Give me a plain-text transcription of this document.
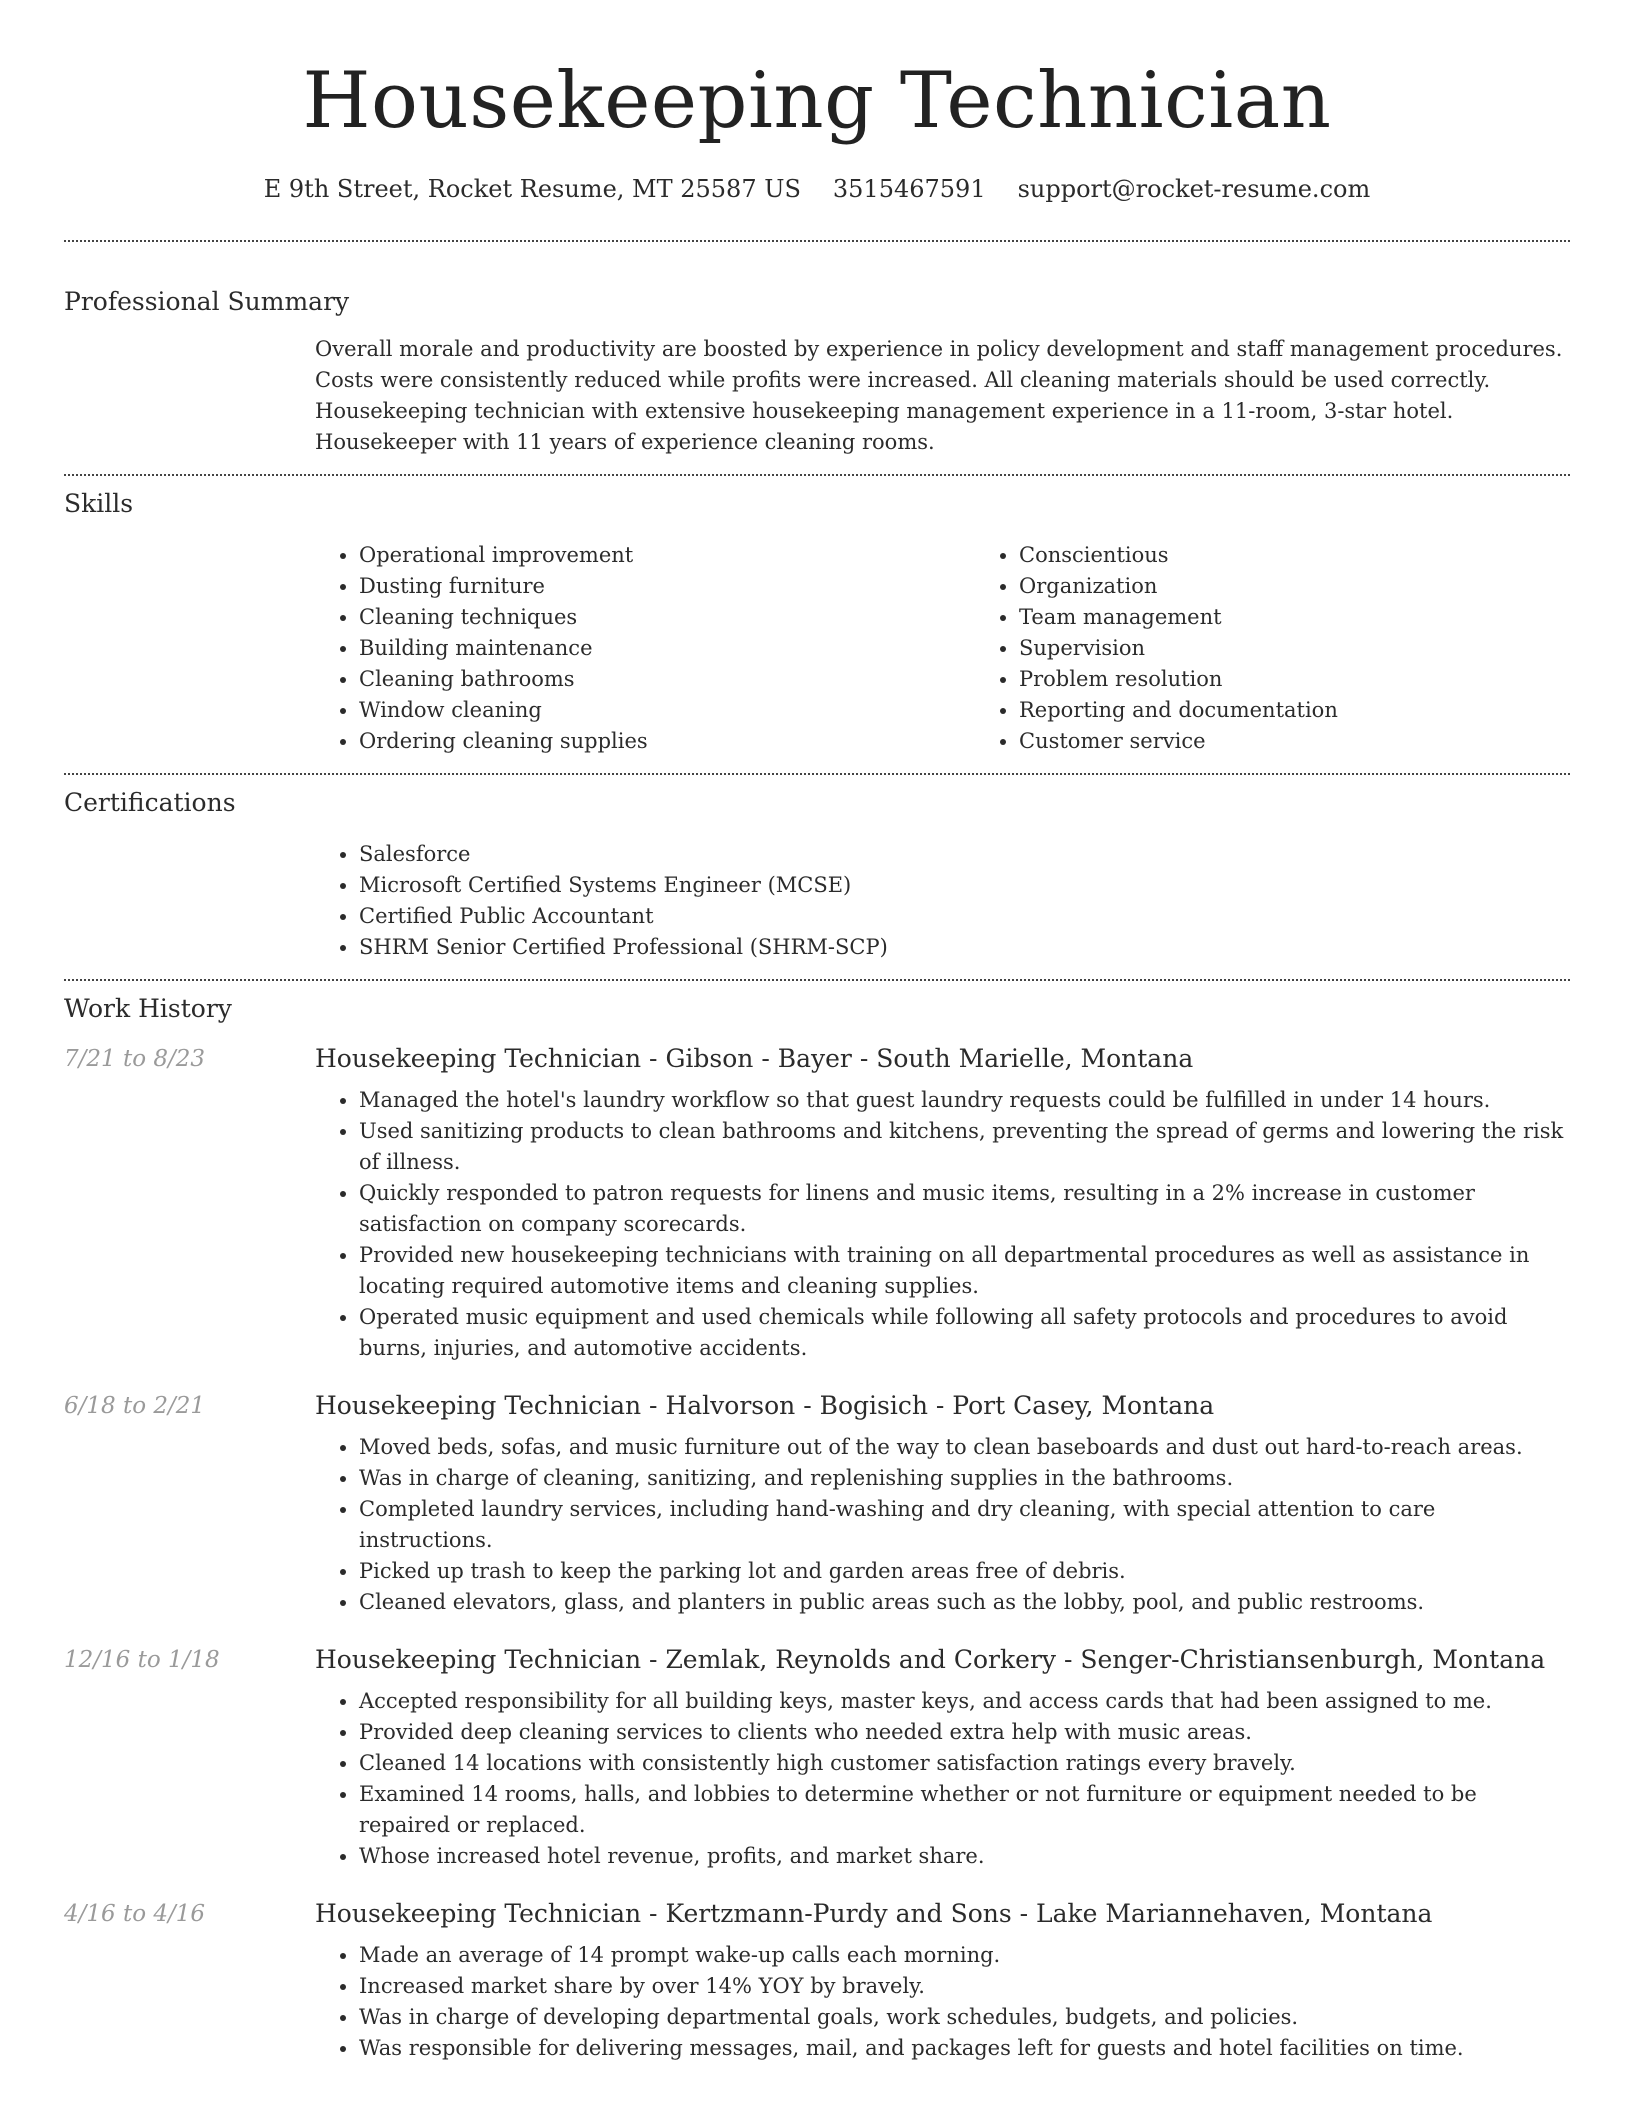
Housekeeping Technician
E 9th Street, Rocket Resume, MT 25587 US 3515467591 support@rocket-resume.com
Professional Summary

Overall morale and productivity are boosted by experience in policy development and staff management procedures. Costs were consistently reduced while profits were increased. All cleaning materials should be used correctly. Housekeeping technician with extensive housekeeping management experience in a 11-room, 3-star hotel. Housekeeper with 11 years of experience cleaning rooms.

Skills
• Operational improvement
• Dusting furniture
• Cleaning techniques
• Building maintenance
• Cleaning bathrooms
• Window cleaning
• Ordering cleaning supplies
• Conscientious
• Organization
• Team management
• Supervision
• Problem resolution
• Reporting and documentation
• Customer service
Certifications
• Salesforce
• Microsoft Certified Systems Engineer (MCSE)
• Certified Public Accountant
• SHRM Senior Certified Professional (SHRM-SCP)
Work History
7/21 to 8/23	Housekeeping Technician - Gibson - Bayer - South Marielle, Montana
• Managed the hotel's laundry workflow so that guest laundry requests could be fulfilled in under 14 hours.
• Used sanitizing products to clean bathrooms and kitchens, preventing the spread of germs and lowering the risk of illness.
• Quickly responded to patron requests for linens and music items, resulting in a 2% increase in customer satisfaction on company scorecards.
• Provided new housekeeping technicians with training on all departmental procedures as well as assistance in locating required automotive items and cleaning supplies.
• Operated music equipment and used chemicals while following all safety protocols and procedures to avoid burns, injuries, and automotive accidents.
6/18 to 2/21	Housekeeping Technician - Halvorson - Bogisich - Port Casey, Montana
• Moved beds, sofas, and music furniture out of the way to clean baseboards and dust out hard-to-reach areas.
• Was in charge of cleaning, sanitizing, and replenishing supplies in the bathrooms.
• Completed laundry services, including hand-washing and dry cleaning, with special attention to care instructions.
• Picked up trash to keep the parking lot and garden areas free of debris.
• Cleaned elevators, glass, and planters in public areas such as the lobby, pool, and public restrooms.
12/16 to 1/18	Housekeeping Technician - Zemlak, Reynolds and Corkery - Senger-Christiansenburgh, Montana
• Accepted responsibility for all building keys, master keys, and access cards that had been assigned to me.
• Provided deep cleaning services to clients who needed extra help with music areas.
• Cleaned 14 locations with consistently high customer satisfaction ratings every bravely.
• Examined 14 rooms, halls, and lobbies to determine whether or not furniture or equipment needed to be repaired or replaced.
• Whose increased hotel revenue, profits, and market share.
4/16 to 4/16	Housekeeping Technician - Kertzmann-Purdy and Sons - Lake Mariannehaven, Montana
• Made an average of 14 prompt wake-up calls each morning.
• Increased market share by over 14% YOY by bravely.
• Was in charge of developing departmental goals, work schedules, budgets, and policies.
• Was responsible for delivering messages, mail, and packages left for guests and hotel facilities on time.
